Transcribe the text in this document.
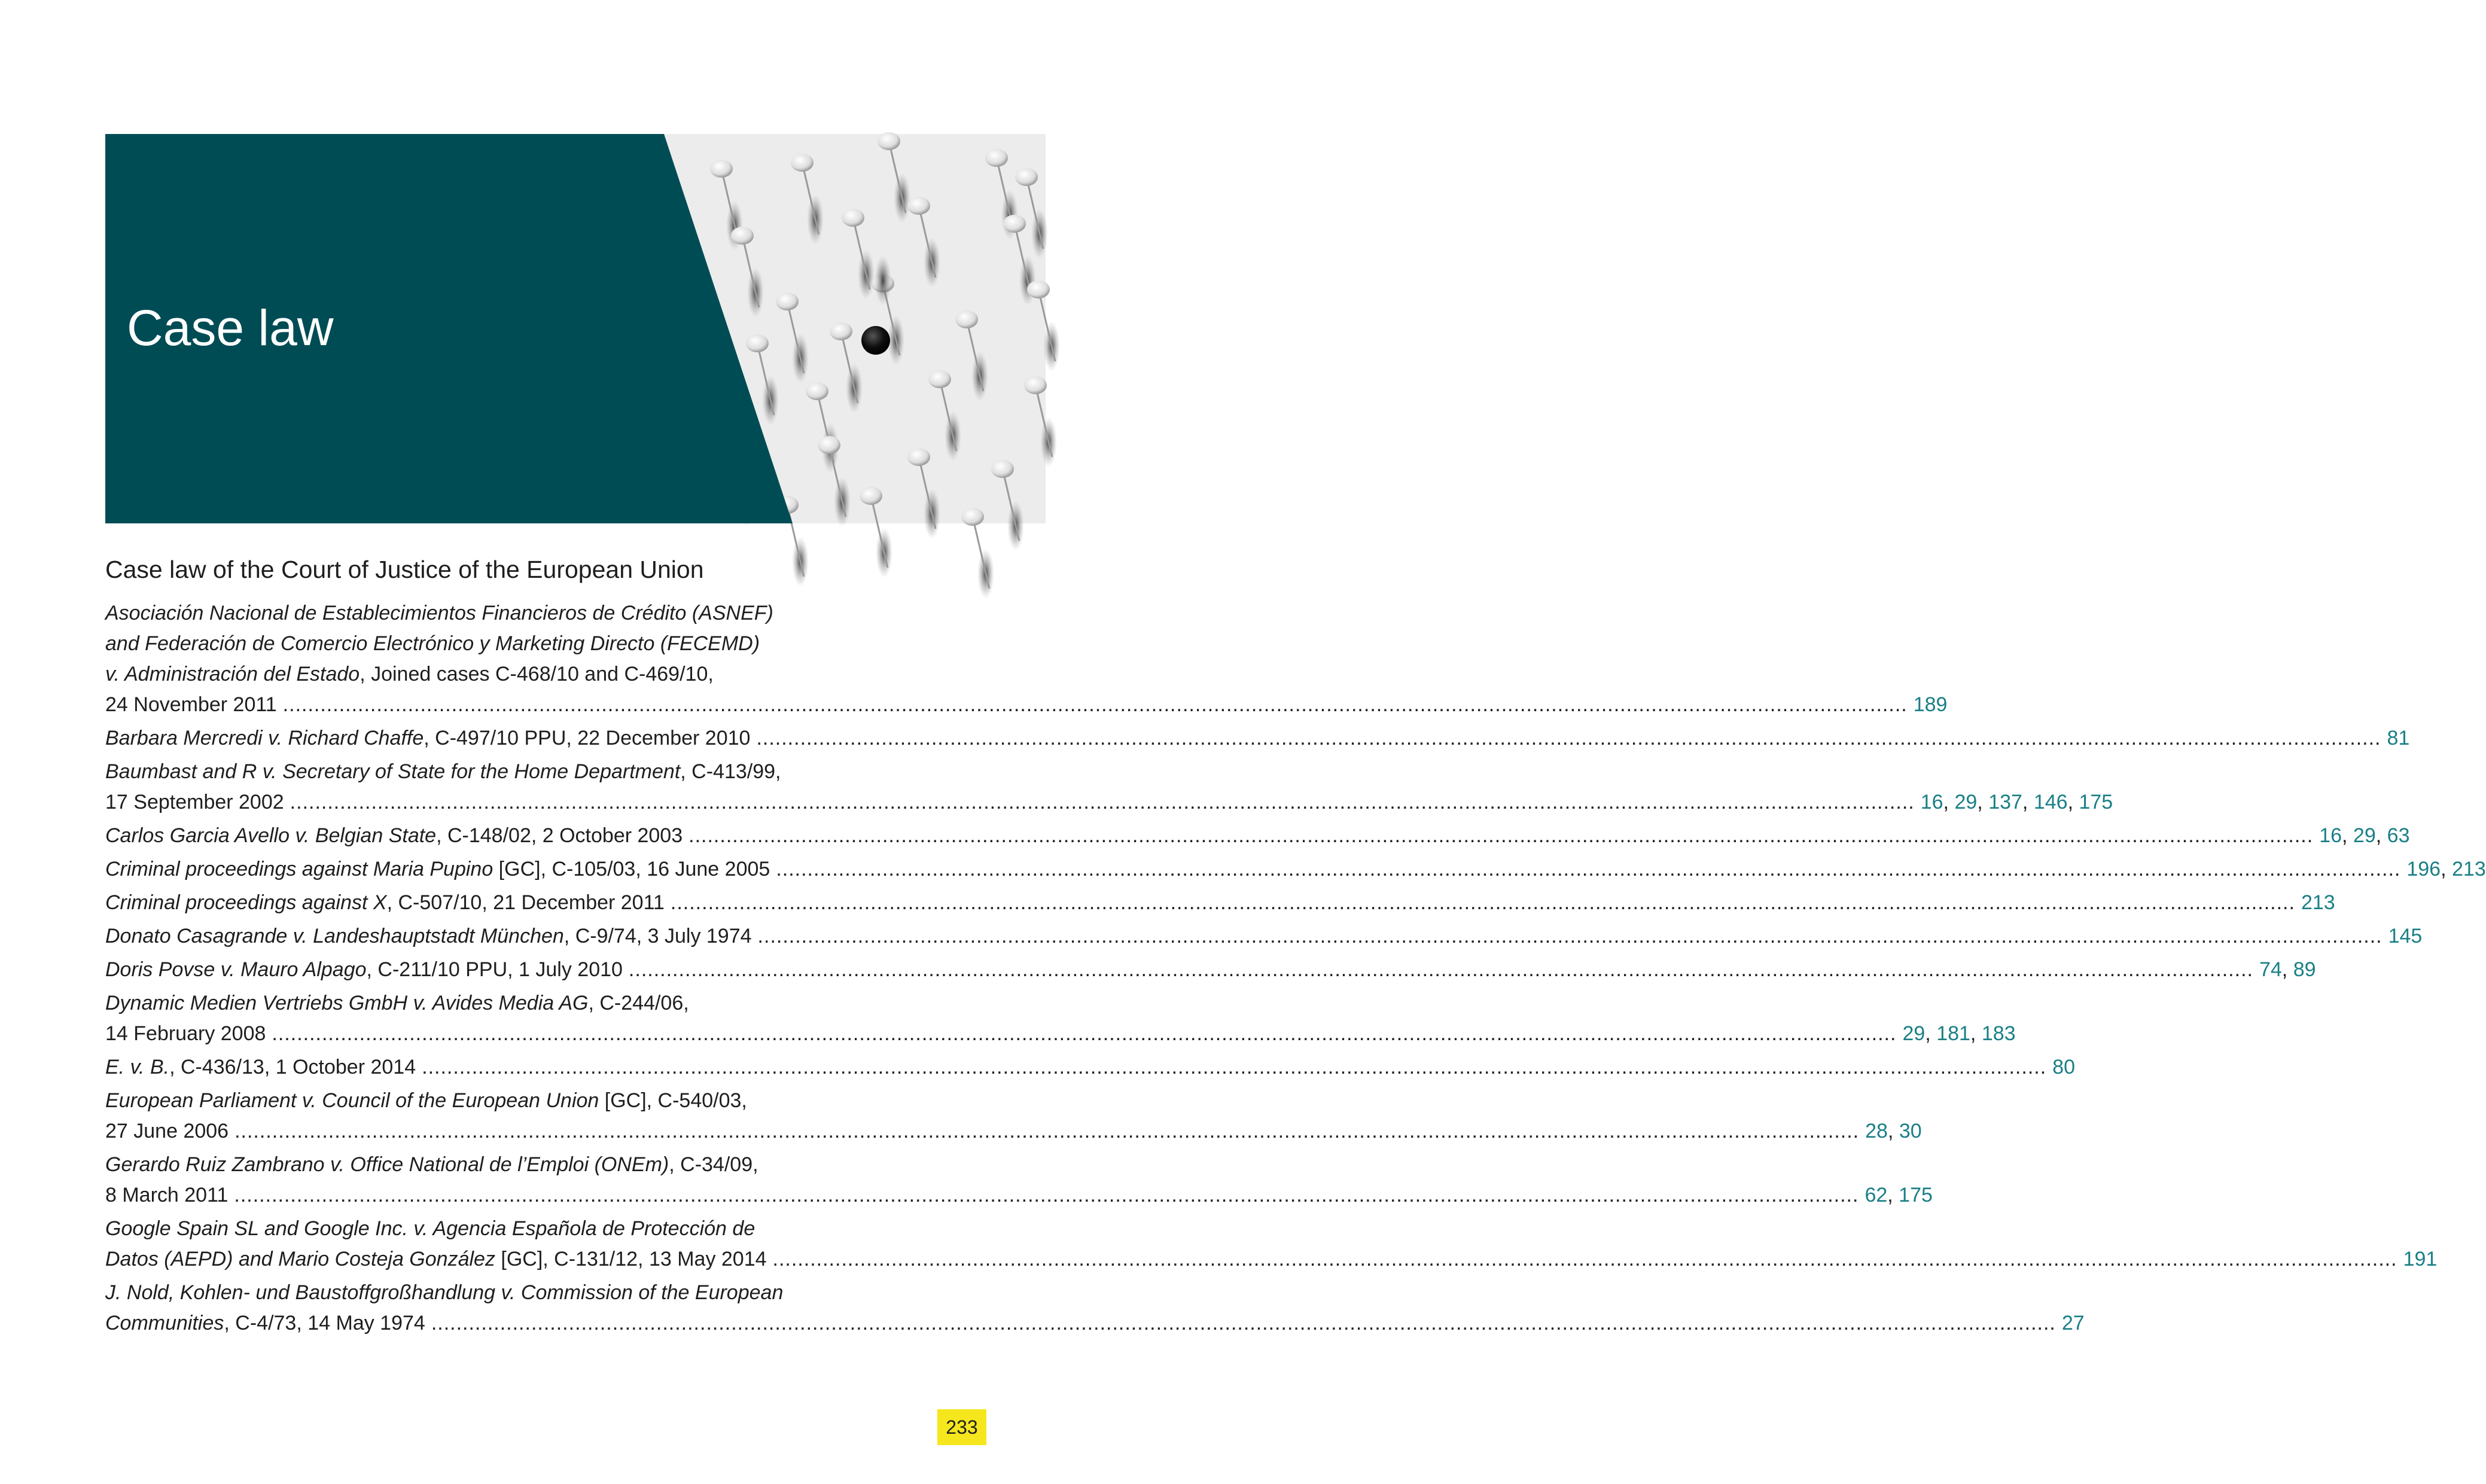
Case law
Case law of the Court of Justice of the European Union
Asociación Nacional de Establecimientos Financieros de Crédito (ASNEF)
and Federación de Comercio Electrónico y Marketing Directo (FECEMD)
v. Administración del Estado, Joined cases C-468/10 and C-469/10,
24 November 2011 .................................................................................................................................................................................................................................................................... 189
Barbara Mercredi v. Richard Chaffe, C-497/10 PPU, 22 December 2010 .................................................................................................................................................................................................................................................................... 81
Baumbast and R v. Secretary of State for the Home Department, C-413/99,
17 September 2002 .................................................................................................................................................................................................................................................................... 16, 29, 137, 146, 175
Carlos Garcia Avello v. Belgian State, C-148/02, 2 October 2003 .................................................................................................................................................................................................................................................................... 16, 29, 63
Criminal proceedings against Maria Pupino [GC], C-105/03, 16 June 2005 .................................................................................................................................................................................................................................................................... 196, 213
Criminal proceedings against X, C-507/10, 21 December 2011 .................................................................................................................................................................................................................................................................... 213
Donato Casagrande v. Landeshauptstadt München, C-9/74, 3 July 1974 .................................................................................................................................................................................................................................................................... 145
Doris Povse v. Mauro Alpago, C-211/10 PPU, 1 July 2010 .................................................................................................................................................................................................................................................................... 74, 89
Dynamic Medien Vertriebs GmbH v. Avides Media AG, C-244/06,
14 February 2008 .................................................................................................................................................................................................................................................................... 29, 181, 183
E. v. B., C-436/13, 1 October 2014 .................................................................................................................................................................................................................................................................... 80
European Parliament v. Council of the European Union [GC], C-540/03,
27 June 2006 .................................................................................................................................................................................................................................................................... 28, 30
Gerardo Ruiz Zambrano v. Office National de l’Emploi (ONEm), C-34/09,
8 March 2011 .................................................................................................................................................................................................................................................................... 62, 175
Google Spain SL and Google Inc. v. Agencia Española de Protección de
Datos (AEPD) and Mario Costeja González [GC], C-131/12, 13 May 2014 .................................................................................................................................................................................................................................................................... 191
J. Nold, Kohlen- und Baustoffgroßhandlung v. Commission of the European
Communities, C-4/73, 14 May 1974 .................................................................................................................................................................................................................................................................... 27
233
